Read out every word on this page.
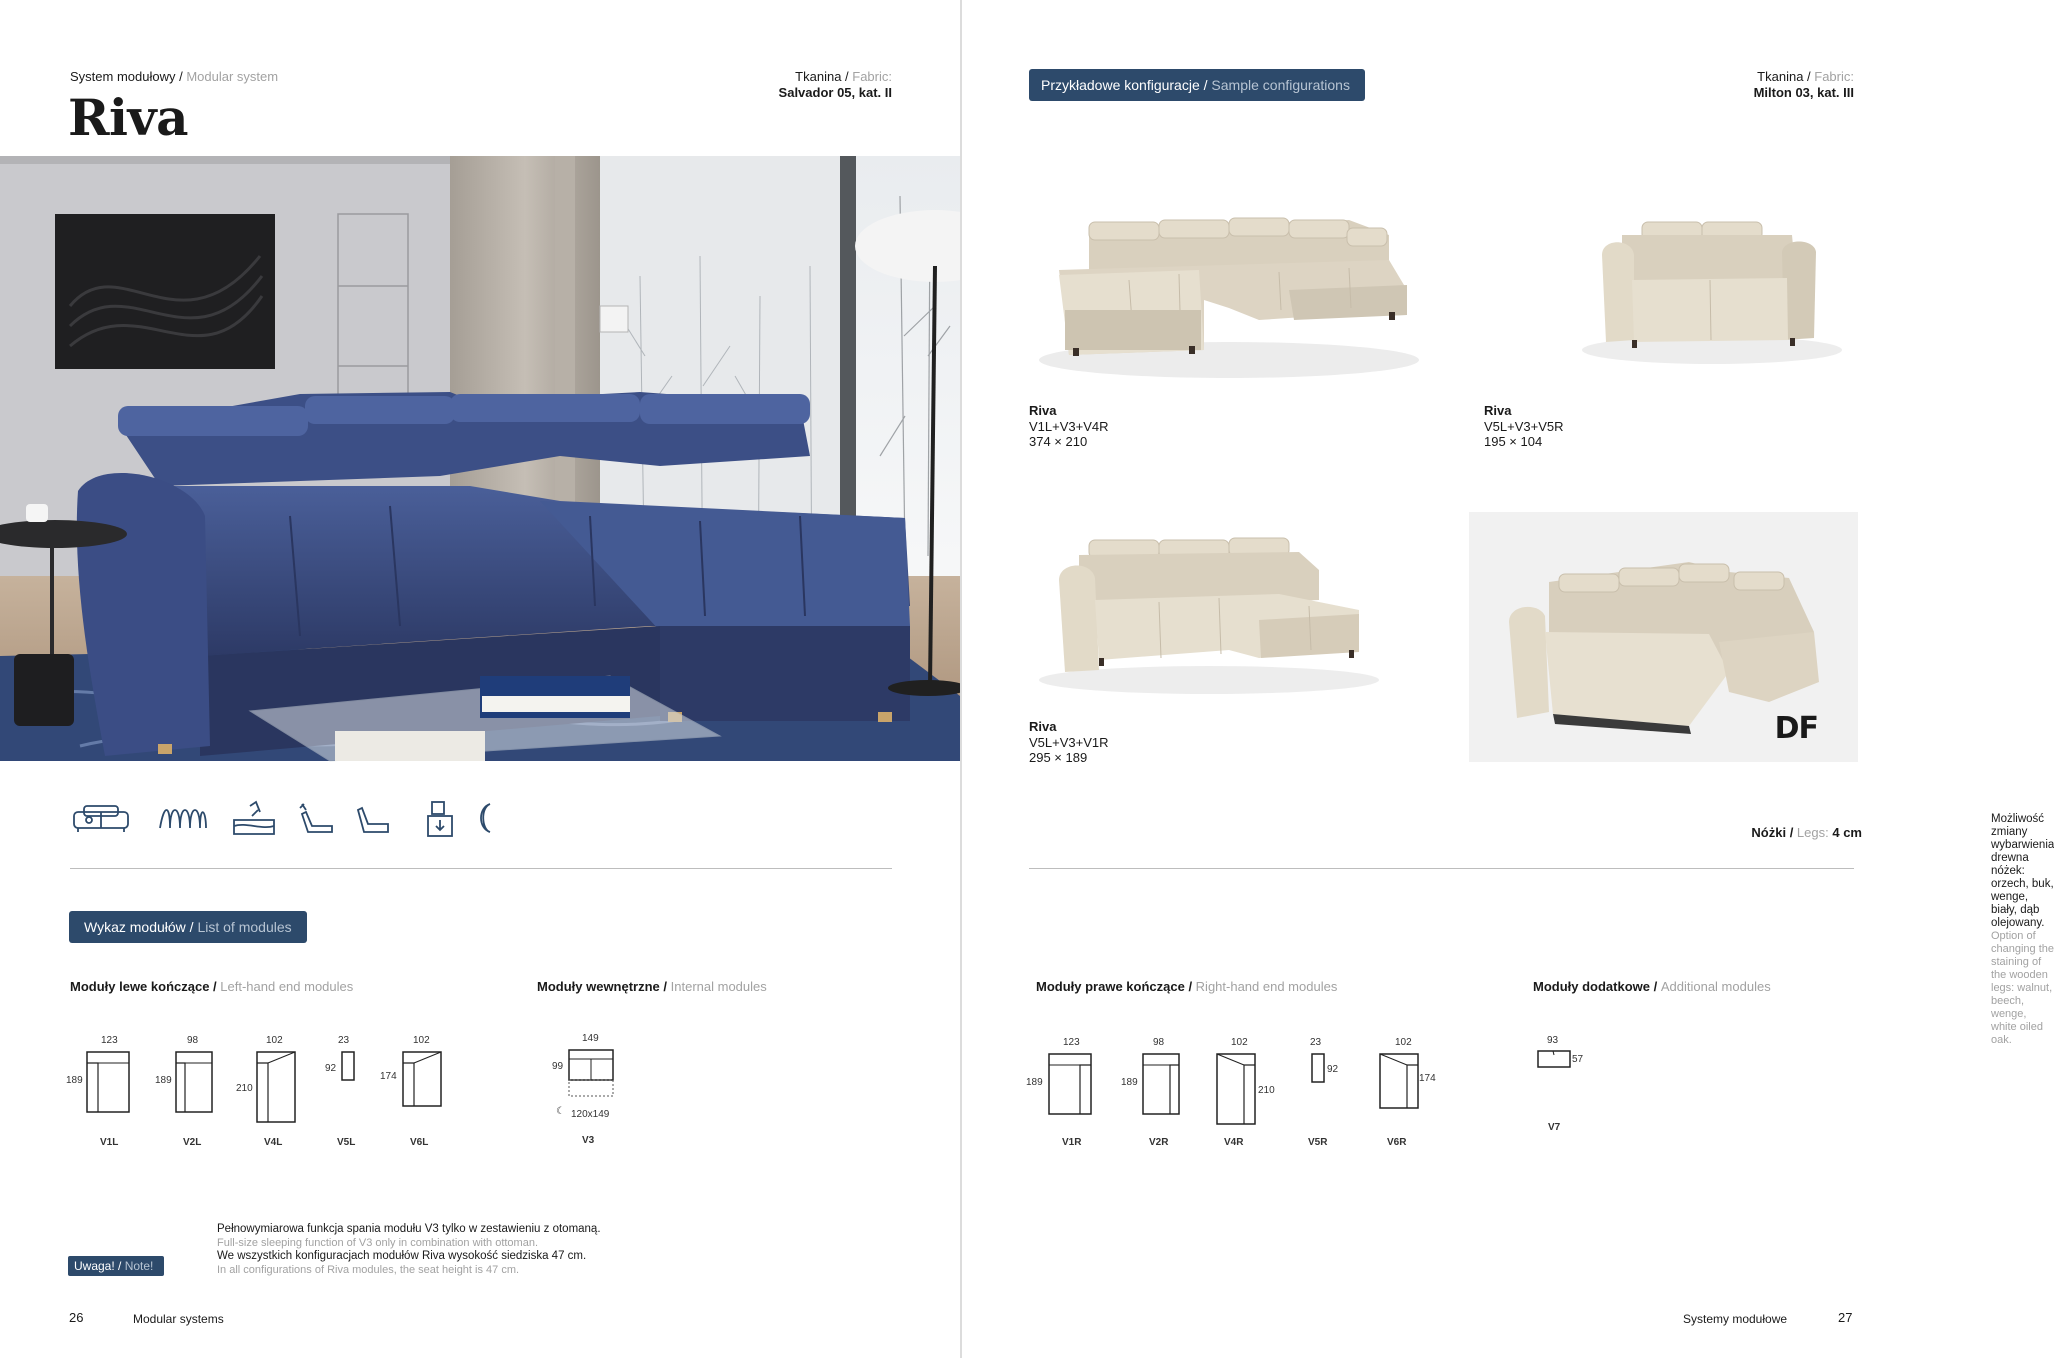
System modułowy / Modular system
Riva
Tkanina / Fabric:
Salvador 05, kat. II
Wykaz modułów / List of modules
Moduły lewe kończące / Left-hand end modules	Moduły wewnętrzne / Internal modules
123
189
V1L
98
189
V2L
102
210
V4L
23
92
V5L
102
174
V6L
149
99
☾ 120x149
V3
Uwaga! / Note!
Pełnowymiarowa funkcja spania modułu V3 tylko w zestawieniu z otomaną.
Full-size sleeping function of V3 only in combination with ottoman.
We wszystkich konfiguracjach modułów Riva wysokość siedziska 47 cm.
In all configurations of Riva modules, the seat height is 47 cm.
26	Modular systems
Przykładowe konfiguracje / Sample configurations
Tkanina / Fabric:
Milton 03, kat. III
Riva
V1L+V3+V4R
374 × 210
Riva
V5L+V3+V5R
195 × 104
Riva
V5L+V3+V1R
295 × 189
DF
Możliwość zmiany wybarwienia drewna nóżek: orzech, buk, wenge, biały, dąb olejowany.
Option of changing the staining of the wooden legs: walnut, beech, wenge, white oiled oak.
Nóżki / Legs: 4 cm
Moduły prawe kończące / Right-hand end modules	Moduły dodatkowe / Additional modules
123
189
V1R
98
189
V2R
102
210
V4R
23
92
V5R
102
174
V6R
93
57
V7
Systemy modułowe	27
